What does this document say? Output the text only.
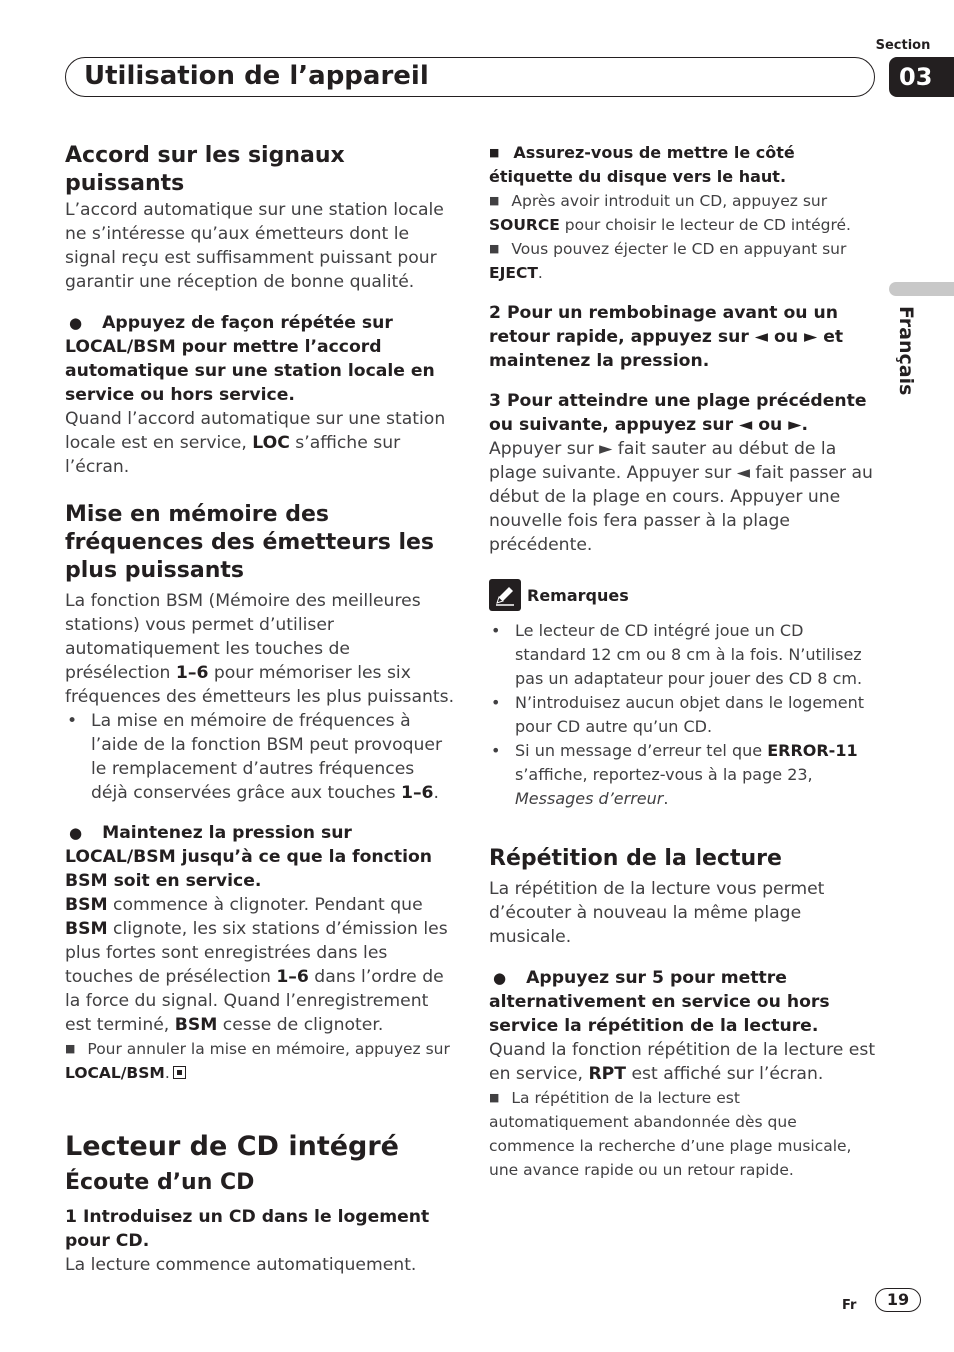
Section
03
Utilisation de l’appareil
Français
Accord sur les signaux puissants

L’accord automatique sur une station locale ne s’intéresse qu’aux émetteurs dont le signal reçu est suffisamment puissant pour garantir une réception de bonne qualité.

● Appuyez de façon répétée sur LOCAL/BSM pour mettre l’accord automatique sur une station locale en service ou hors service.

Quand l’accord automatique sur une station locale est en service, LOC s’affiche sur l’écran.

Mise en mémoire des fréquences des émetteurs les plus puissants

La fonction BSM (Mémoire des meilleures stations) vous permet d’utiliser automatiquement les touches de présélection 1–6 pour mémoriser les six fréquences des émetteurs les plus puissants.

• La mise en mémoire de fréquences à l’aide de la fonction BSM peut provoquer le remplacement d’autres fréquences déjà conservées grâce aux touches 1–6.

● Maintenez la pression sur LOCAL/BSM jusqu’à ce que la fonction BSM soit en service.

BSM commence à clignoter. Pendant que BSM clignote, les six stations d’émission les plus fortes sont enregistrées dans les touches de présélection 1–6 dans l’ordre de la force du signal. Quand l’enregistrement est terminé, BSM cesse de clignoter.

■ Pour annuler la mise en mémoire, appuyez sur LOCAL/BSM.

Lecteur de CD intégré
Écoute d’un CD

1 Introduisez un CD dans le logement pour CD.

La lecture commence automatiquement.

■ Assurez-vous de mettre le côté étiquette du disque vers le haut.

■ Après avoir introduit un CD, appuyez sur SOURCE pour choisir le lecteur de CD intégré.

■ Vous pouvez éjecter le CD en appuyant sur EJECT.

2 Pour un rembobinage avant ou un retour rapide, appuyez sur ◄ ou ► et maintenez la pression.

3 Pour atteindre une plage précédente ou suivante, appuyez sur ◄ ou ►.

Appuyer sur ► fait sauter au début de la plage suivante. Appuyer sur ◄ fait passer au début de la plage en cours. Appuyer une nouvelle fois fera passer à la plage précédente.

Remarques
• Le lecteur de CD intégré joue un CD standard 12 cm ou 8 cm à la fois. N’utilisez pas un adaptateur pour jouer des CD 8 cm.
• N’introduisez aucun objet dans le logement pour CD autre qu’un CD.
• Si un message d’erreur tel que ERROR-11 s’affiche, reportez-vous à la page 23, Messages d’erreur.
Répétition de la lecture

La répétition de la lecture vous permet d’écouter à nouveau la même plage musicale.

● Appuyez sur 5 pour mettre alternativement en service ou hors service la répétition de la lecture.

Quand la fonction répétition de la lecture est en service, RPT est affiché sur l’écran.

■ La répétition de la lecture est automatiquement abandonnée dès que commence la recherche d’une plage musicale, une avance rapide ou un retour rapide.

Fr	19
